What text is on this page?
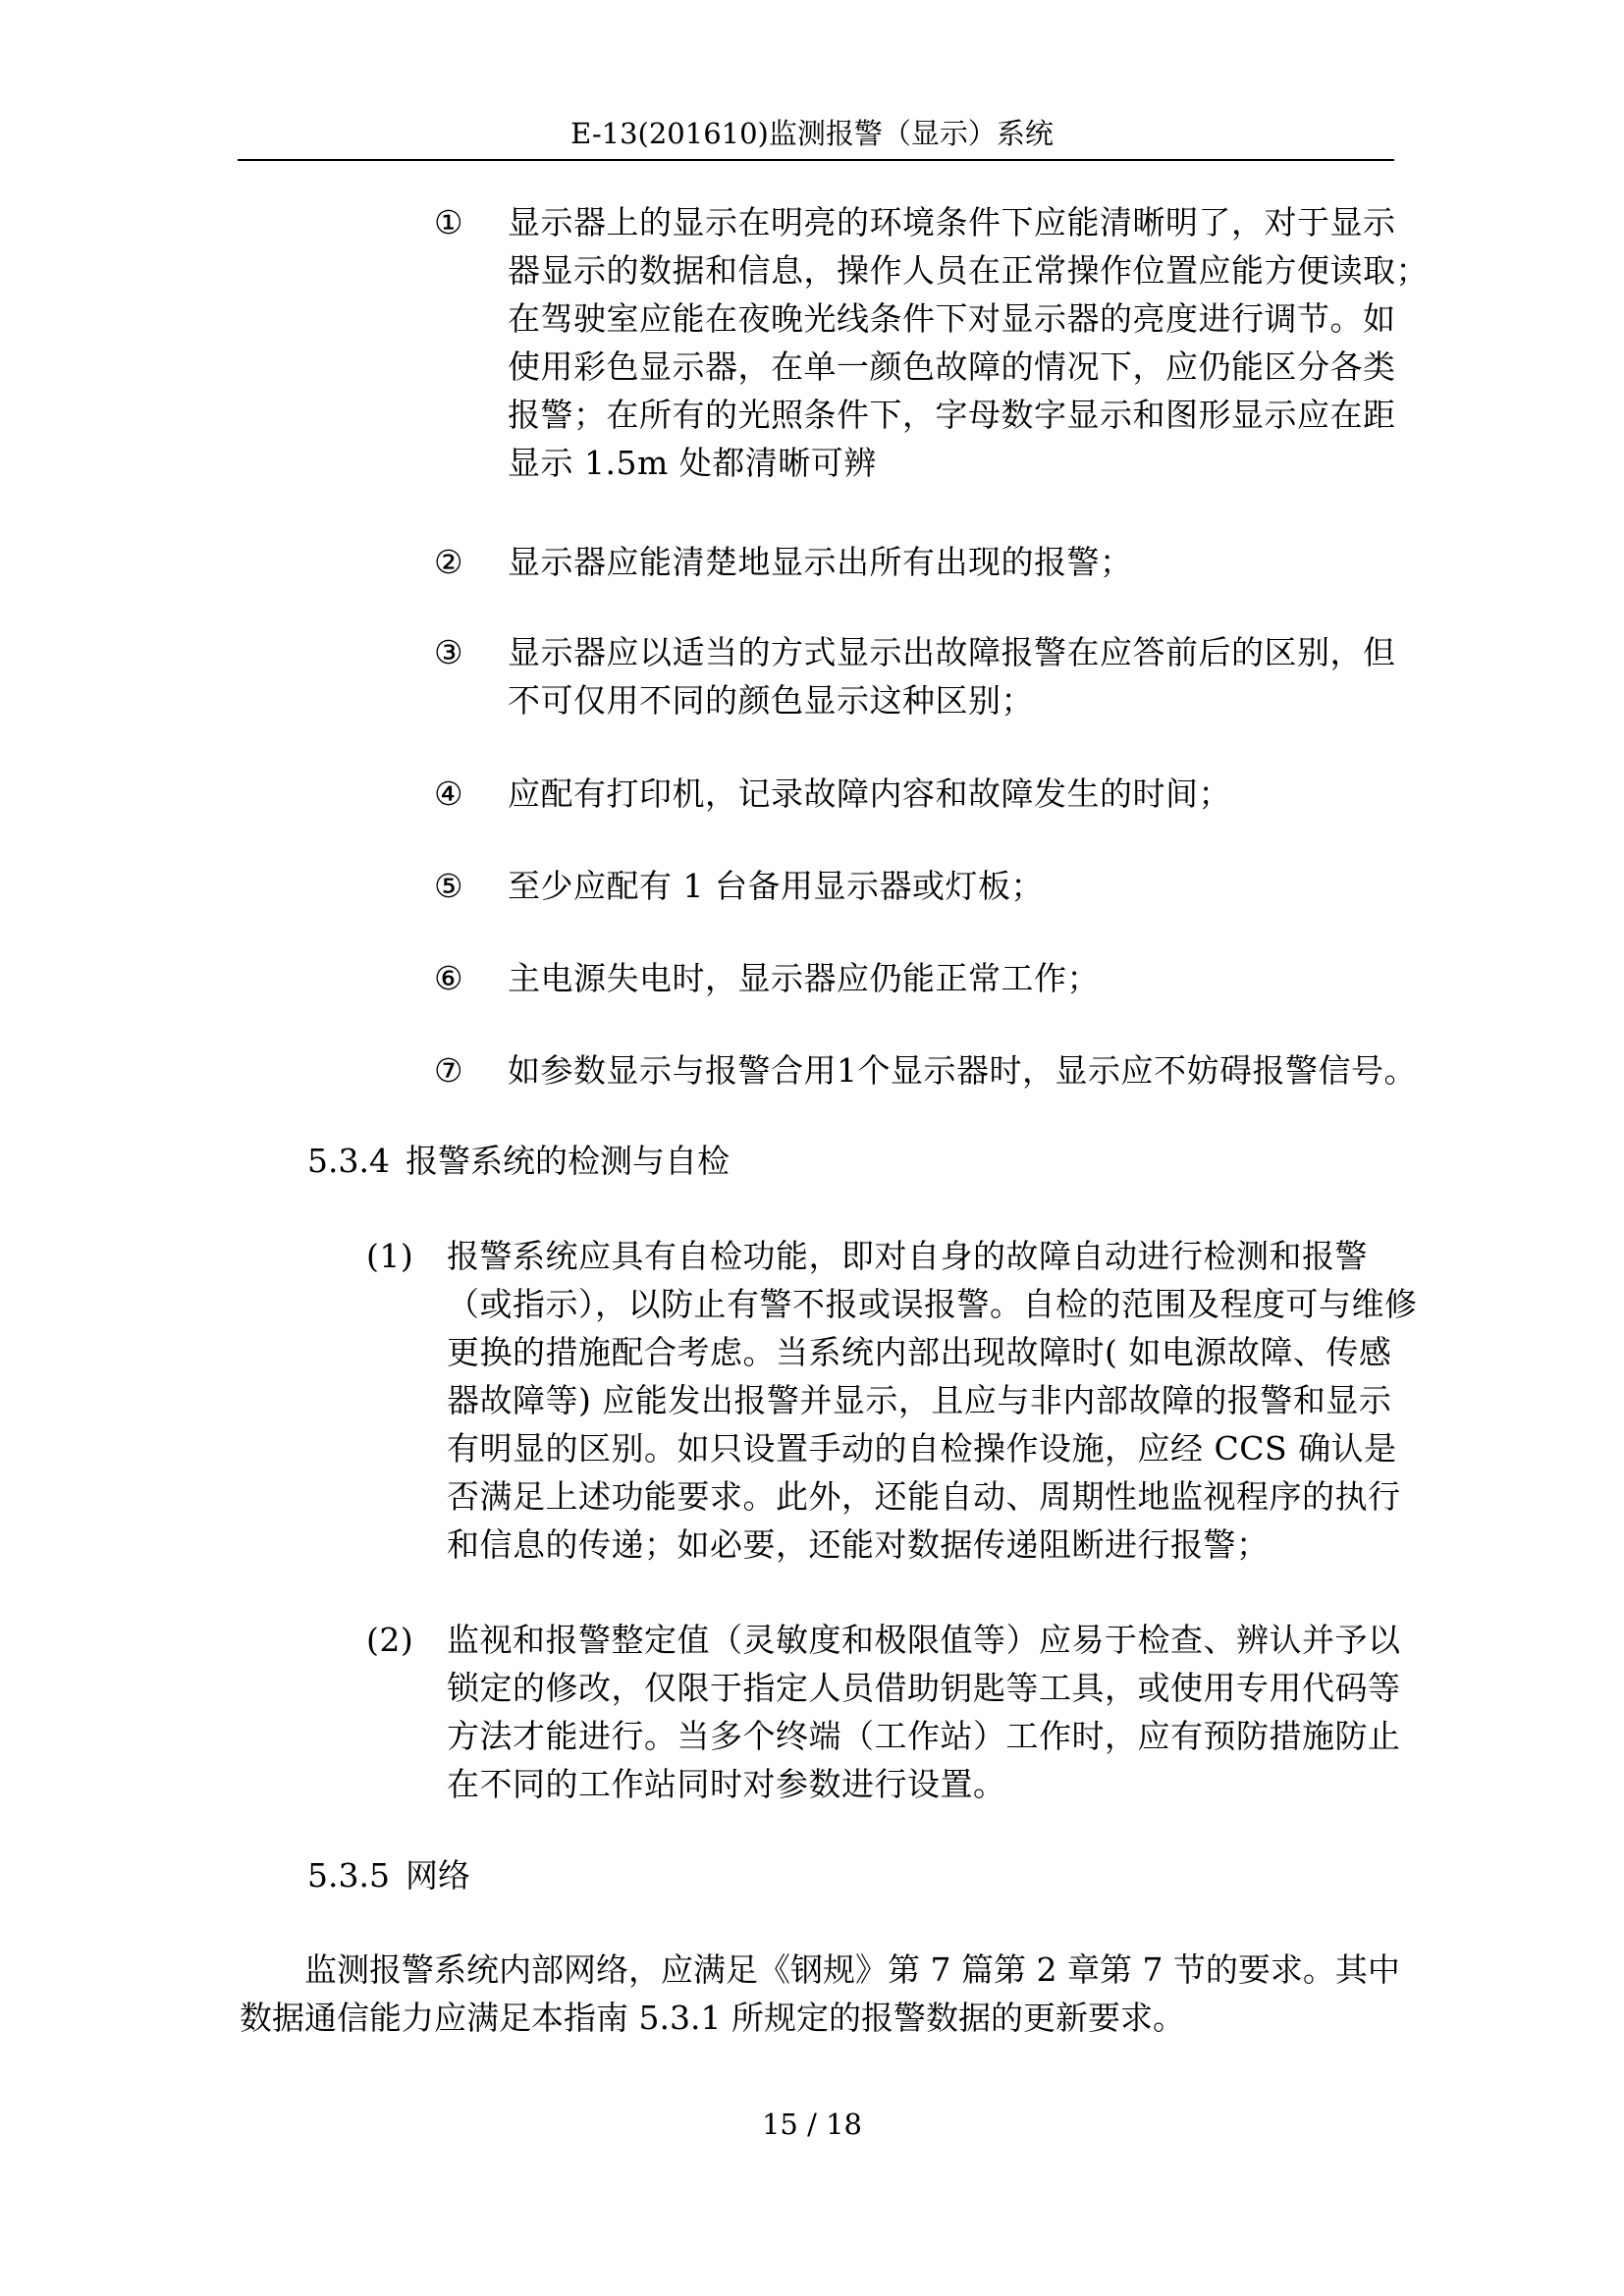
E-13(201610)监测报警（显示）系统
① 显示器上的显示在明亮的环境条件下应能清晰明了，对于显示
器显示的数据和信息，操作人员在正常操作位置应能方便读取；
在驾驶室应能在夜晚光线条件下对显示器的亮度进行调节。如
使用彩色显示器，在单一颜色故障的情况下，应仍能区分各类
报警；在所有的光照条件下，字母数字显示和图形显示应在距
显示 1.5m 处都清晰可辨
② 显示器应能清楚地显示出所有出现的报警；
③ 显示器应以适当的方式显示出故障报警在应答前后的区别，但
不可仅用不同的颜色显示这种区别；
④ 应配有打印机，记录故障内容和故障发生的时间；
⑤ 至少应配有 1 台备用显示器或灯板；
⑥ 主电源失电时，显示器应仍能正常工作；
⑦ 如参数显示与报警合用1个显示器时，显示应不妨碍报警信号。
5.3.4 报警系统的检测与自检
(1) 报警系统应具有自检功能，即对自身的故障自动进行检测和报警
（或指示），以防止有警不报或误报警。自检的范围及程度可与维修
更换的措施配合考虑。当系统内部出现故障时( 如电源故障、传感
器故障等) 应能发出报警并显示，且应与非内部故障的报警和显示
有明显的区别。如只设置手动的自检操作设施，应经 CCS 确认是
否满足上述功能要求。此外，还能自动、周期性地监视程序的执行
和信息的传递；如必要，还能对数据传递阻断进行报警；
(2) 监视和报警整定值（灵敏度和极限值等）应易于检查、辨认并予以
锁定的修改，仅限于指定人员借助钥匙等工具，或使用专用代码等
方法才能进行。当多个终端（工作站）工作时，应有预防措施防止
在不同的工作站同时对参数进行设置。
5.3.5 网络
　　监测报警系统内部网络，应满足《钢规》第 7 篇第 2 章第 7 节的要求。其中
数据通信能力应满足本指南 5.3.1 所规定的报警数据的更新要求。
15 / 18
